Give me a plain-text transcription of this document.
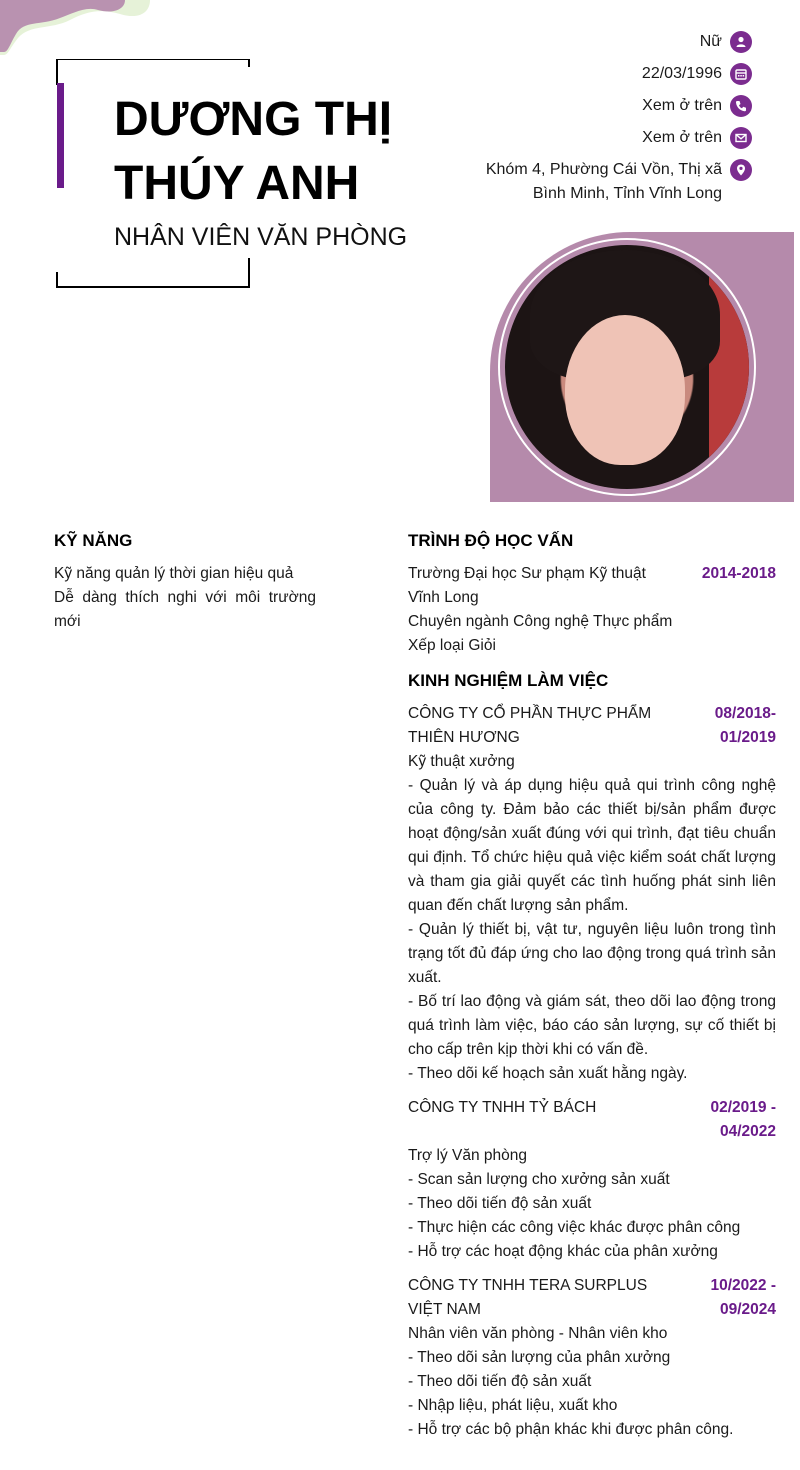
DƯƠNG THỊ THÚY ANH
NHÂN VIÊN VĂN PHÒNG
Nữ
22/03/1996
Xem ở trên
Xem ở trên
Khóm 4, Phường Cái Vồn, Thị xã Bình Minh, Tỉnh Vĩnh Long
KỸ NĂNG
Kỹ năng quản lý thời gian hiệu quả
Dễ dàng thích nghi với môi trường mới
TRÌNH ĐỘ HỌC VẤN
Trường Đại học Sư phạm Kỹ thuật Vĩnh Long
2014-2018
Chuyên ngành Công nghệ Thực phẩm
Xếp loại Giỏi
KINH NGHIỆM LÀM VIỆC
CÔNG TY CỔ PHẦN THỰC PHẨM THIÊN HƯƠNG
08/2018-01/2019
Kỹ thuật xưởng
- Quản lý và áp dụng hiệu quả qui trình công nghệ của công ty. Đảm bảo các thiết bị/sản phẩm được hoạt động/sản xuất đúng với qui trình, đạt tiêu chuẩn qui định. Tổ chức hiệu quả việc kiểm soát chất lượng và tham gia giải quyết các tình huống phát sinh liên quan đến chất lượng sản phẩm.
- Quản lý thiết bị, vật tư, nguyên liệu luôn trong tình trạng tốt đủ đáp ứng cho lao động trong quá trình sản xuất.
- Bố trí lao động và giám sát, theo dõi lao động trong quá trình làm việc, báo cáo sản lượng, sự cố thiết bị cho cấp trên kịp thời khi có vấn đề.
- Theo dõi kế hoạch sản xuất hằng ngày.
CÔNG TY TNHH TỶ BÁCH	02/2019 - 04/2022
Trợ lý Văn phòng
- Scan sản lượng cho xưởng sản xuất
- Theo dõi tiến độ sản xuất
- Thực hiện các công việc khác được phân công
- Hỗ trợ các hoạt động khác của phân xưởng
CÔNG TY TNHH TERA SURPLUS VIỆT NAM
10/2022 - 09/2024
Nhân viên văn phòng - Nhân viên kho
- Theo dõi sản lượng của phân xưởng
- Theo dõi tiến độ sản xuất
- Nhập liệu, phát liệu, xuất kho
- Hỗ trợ các bộ phận khác khi được phân công.
